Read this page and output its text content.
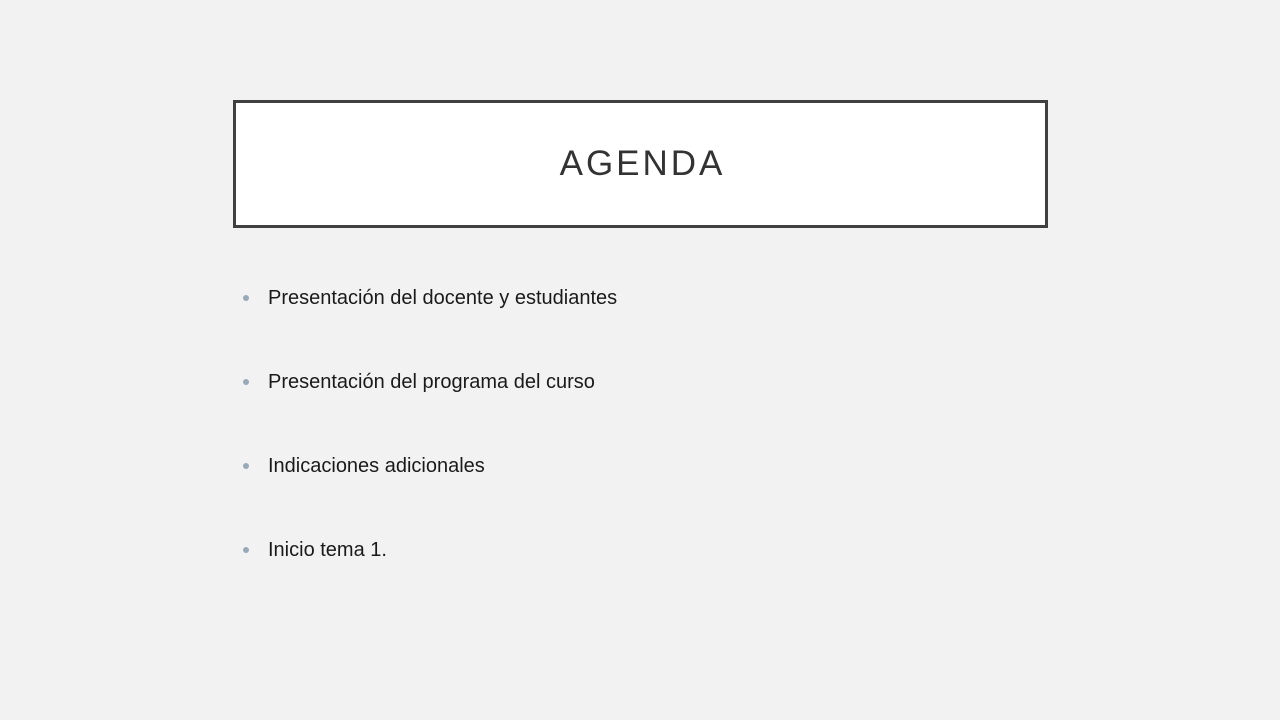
AGENDA
Presentación del docente y estudiantes
Presentación del programa del curso
Indicaciones adicionales
Inicio tema 1.
